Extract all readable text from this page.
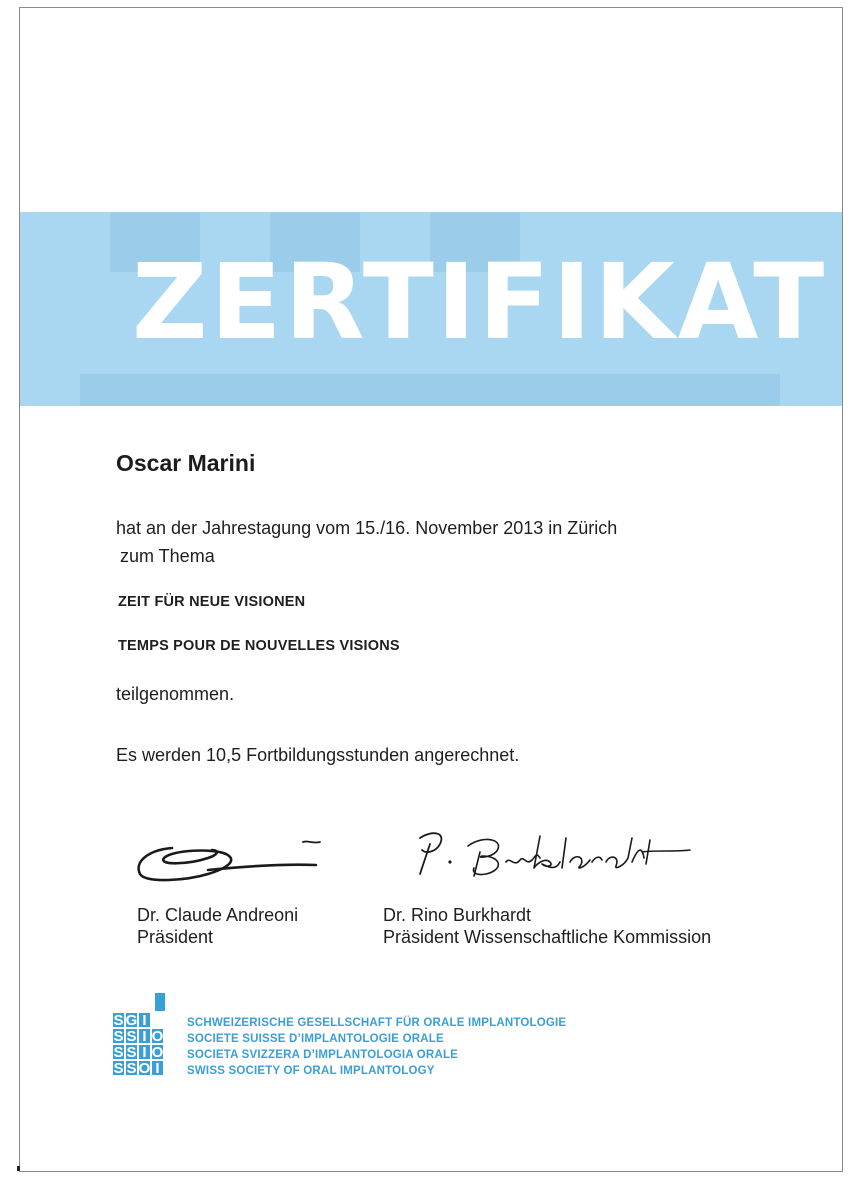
ZERTIFIKAT
Oscar Marini
hat an der Jahrestagung vom 15./16. November 2013 in Zürich
zum Thema
ZEIT FÜR NEUE VISIONEN
TEMPS POUR DE NOUVELLES VISIONS
teilgenommen.
Es werden 10,5 Fortbildungsstunden angerechnet.
Dr. Claude Andreoni
Präsident
Dr. Rino Burkhardt
Präsident Wissenschaftliche Kommission
S G I
S S I O
S S I O
S S O I
SCHWEIZERISCHE GESELLSCHAFT FÜR ORALE IMPLANTOLOGIE
SOCIETE SUISSE D’IMPLANTOLOGIE ORALE
SOCIETA SVIZZERA D’IMPLANTOLOGIA ORALE
SWISS SOCIETY OF ORAL IMPLANTOLOGY
